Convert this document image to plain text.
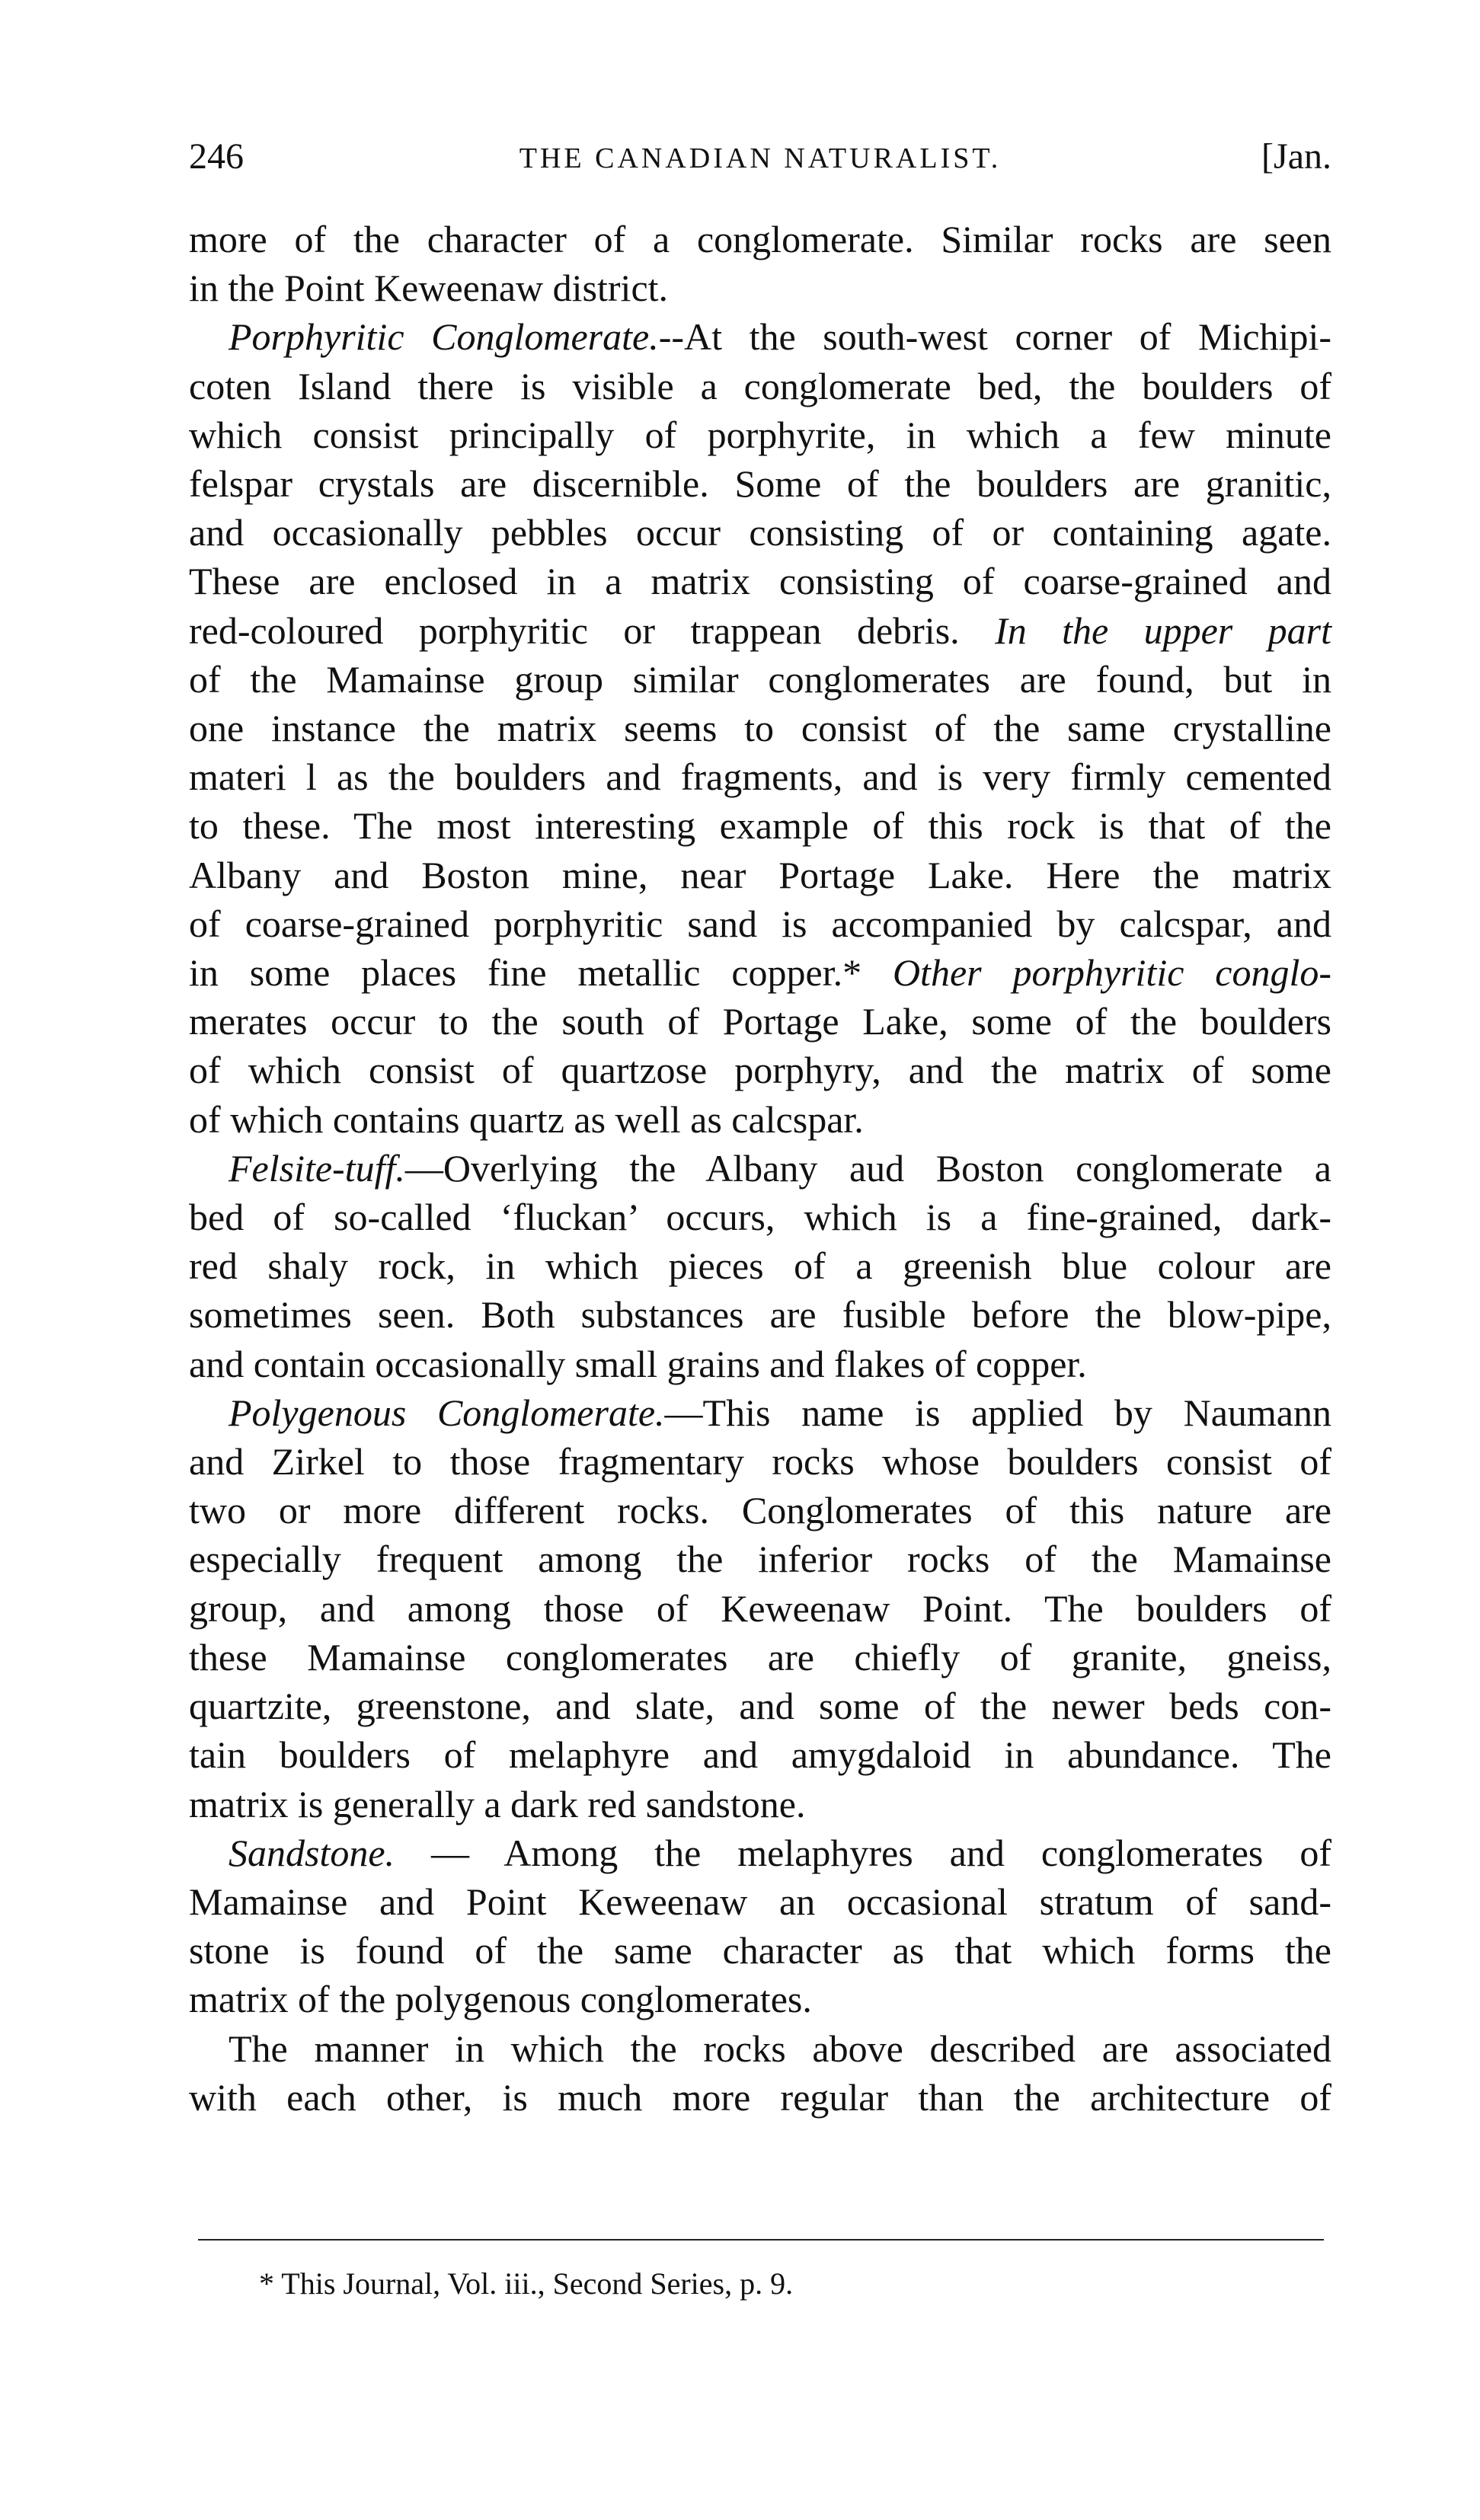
246	THE CANADIAN NATURALIST.	[Jan.
more of the character of a conglomerate. Similar rocks are seen
in the Point Keweenaw district.
Porphyritic Conglomerate.--At the south-west corner of Michipi-
coten Island there is visible a conglomerate bed, the boulders of
which consist principally of porphyrite, in which a few minute
felspar crystals are discernible. Some of the boulders are granitic,
and occasionally pebbles occur consisting of or containing agate.
These are enclosed in a matrix consisting of coarse-grained and
red-coloured porphyritic or trappean debris. In the upper part
of the Mamainse group similar conglomerates are found, but in
one instance the matrix seems to consist of the same crystalline
materi l as the boulders and fragments, and is very firmly cemented
to these. The most interesting example of this rock is that of the
Albany and Boston mine, near Portage Lake. Here the matrix
of coarse-grained porphyritic sand is accompanied by calcspar, and
in some places fine metallic copper.* Other porphyritic conglo-
merates occur to the south of Portage Lake, some of the boulders
of which consist of quartzose porphyry, and the matrix of some
of which contains quartz as well as calcspar.
Felsite-tuff.—Overlying the Albany aud Boston conglomerate a
bed of so-called ‘fluckan’ occurs, which is a fine-grained, dark-
red shaly rock, in which pieces of a greenish blue colour are
sometimes seen. Both substances are fusible before the blow-pipe,
and contain occasionally small grains and flakes of copper.
Polygenous Conglomerate.—This name is applied by Naumann
and Zirkel to those fragmentary rocks whose boulders consist of
two or more different rocks. Conglomerates of this nature are
especially frequent among the inferior rocks of the Mamainse
group, and among those of Keweenaw Point. The boulders of
these Mamainse conglomerates are chiefly of granite, gneiss,
quartzite, greenstone, and slate, and some of the newer beds con-
tain boulders of melaphyre and amygdaloid in abundance. The
matrix is generally a dark red sandstone.
Sandstone. — Among the melaphyres and conglomerates of
Mamainse and Point Keweenaw an occasional stratum of sand-
stone is found of the same character as that which forms the
matrix of the polygenous conglomerates.
The manner in which the rocks above described are associated
with each other, is much more regular than the architecture of
* This Journal, Vol. iii., Second Series, p. 9.
